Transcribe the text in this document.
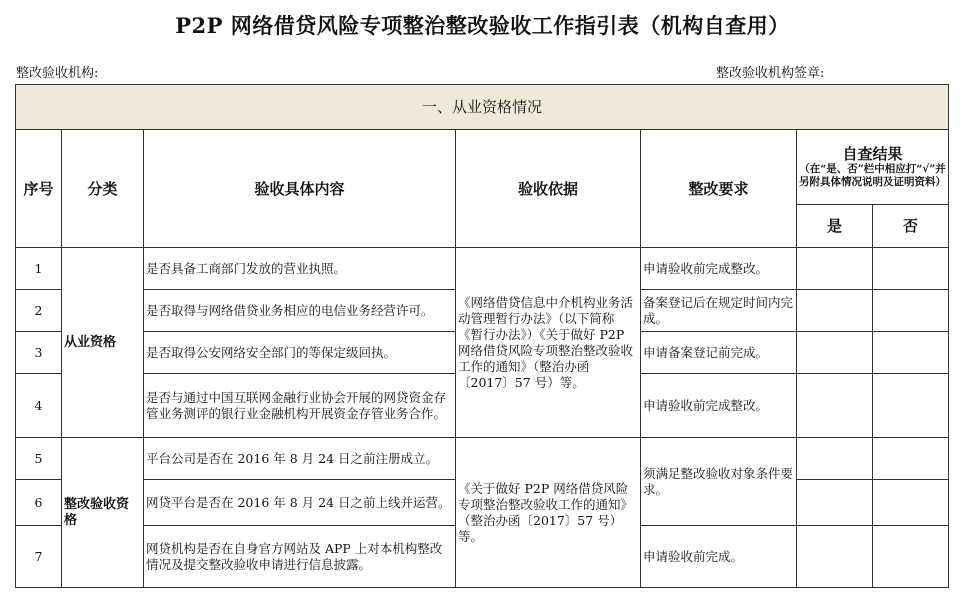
P2P 网络借贷风险专项整治整改验收工作指引表（机构自查用）
整改验收机构:	整改验收机构签章:
一、从业资格情况						
序号	分类	验收具体内容	验收依据	整改要求	自查结果
（在“是、否”栏中相应打“√”并另附具体情况说明及证明资料）	

					是	否
1	从业资格	是否具备工商部门发放的营业执照。	《网络借贷信息中介机构业务活动管理暂行办法》（以下简称《暂行办法》）《关于做好 P2P 网络借贷风险专项整治整改验收工作的通知》（整治办函〔2017〕57 号）等。	申请验收前完成整改。		
2		是否取得与网络借贷业务相应的电信业务经营许可。		备案登记后在规定时间内完成。		
3		是否取得公安网络安全部门的等保定级回执。		申请备案登记前完成。		
4		是否与通过中国互联网金融行业协会开展的网贷资金存管业务测评的银行业金融机构开展资金存管业务合作。		申请验收前完成整改。		
5	整改验收资格	平台公司是否在 2016 年 8 月 24 日之前注册成立。	《关于做好 P2P 网络借贷风险专项整治整改验收工作的通知》（整治办函〔2017〕57 号）等。	须满足整改验收对象条件要求。		
6		网贷平台是否在 2016 年 8 月 24 日之前上线并运营。				
7		网贷机构是否在自身官方网站及 APP 上对本机构整改情况及提交整改验收申请进行信息披露。		申请验收前完成。		
